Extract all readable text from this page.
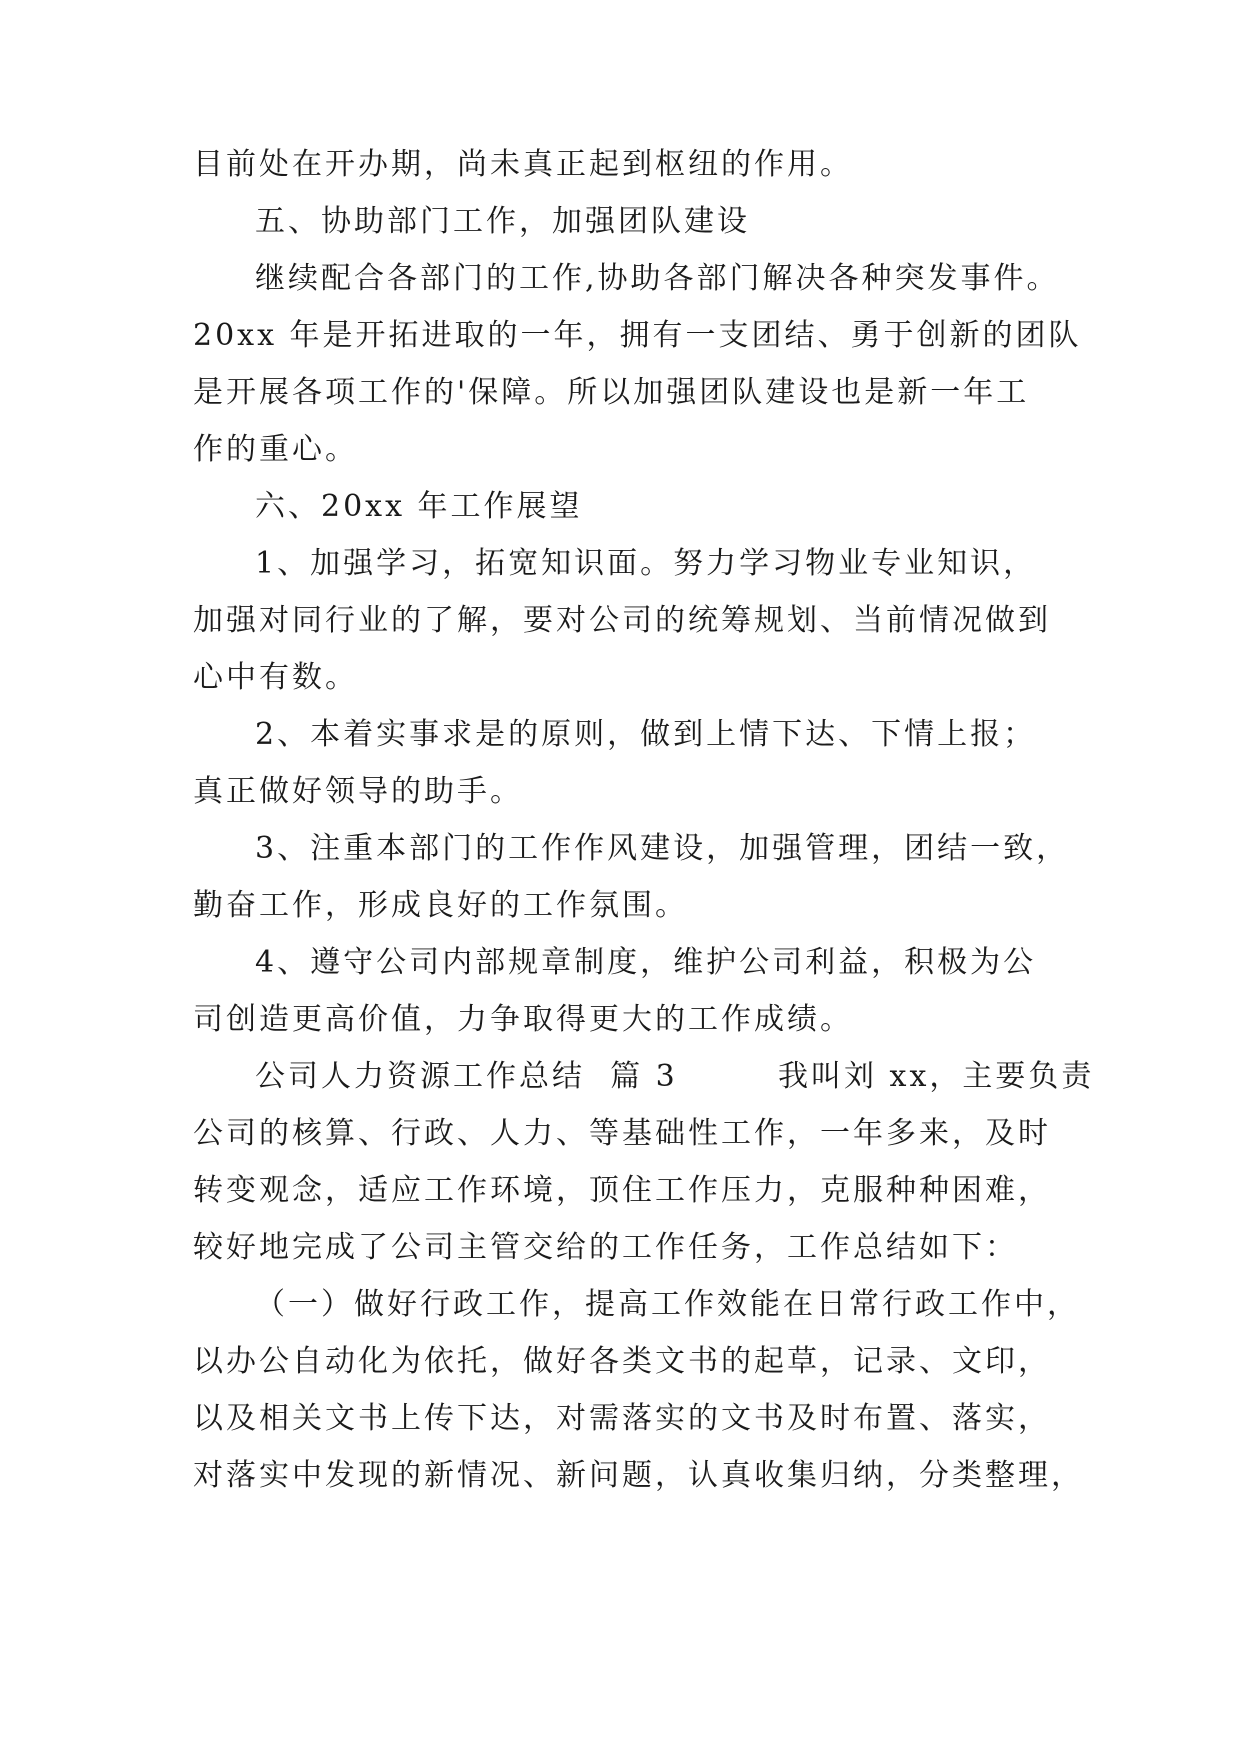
目前处在开办期，尚未真正起到枢纽的作用。
五、协助部门工作，加强团队建设
继续配合各部门的工作,协助各部门解决各种突发事件。
20xx 年是开拓进取的一年，拥有一支团结、勇于创新的团队
是开展各项工作的'保障。所以加强团队建设也是新一年工
作的重心。
六、20xx 年工作展望
1、加强学习，拓宽知识面。努力学习物业专业知识，
加强对同行业的了解，要对公司的统筹规划、当前情况做到
心中有数。
2、本着实事求是的原则，做到上情下达、下情上报；
真正做好领导的助手。
3、注重本部门的工作作风建设，加强管理，团结一致，
勤奋工作，形成良好的工作氛围。
4、遵守公司内部规章制度，维护公司利益，积极为公
司创造更高价值，力争取得更大的工作成绩。
公司人力资源工作总结  篇 3        我叫刘 xx，主要负责
公司的核算、行政、人力、等基础性工作，一年多来，及时
转变观念，适应工作环境，顶住工作压力，克服种种困难，
较好地完成了公司主管交给的工作任务，工作总结如下：
（一）做好行政工作，提高工作效能在日常行政工作中，
以办公自动化为依托，做好各类文书的起草，记录、文印，
以及相关文书上传下达，对需落实的文书及时布置、落实，
对落实中发现的新情况、新问题，认真收集归纳，分类整理，
